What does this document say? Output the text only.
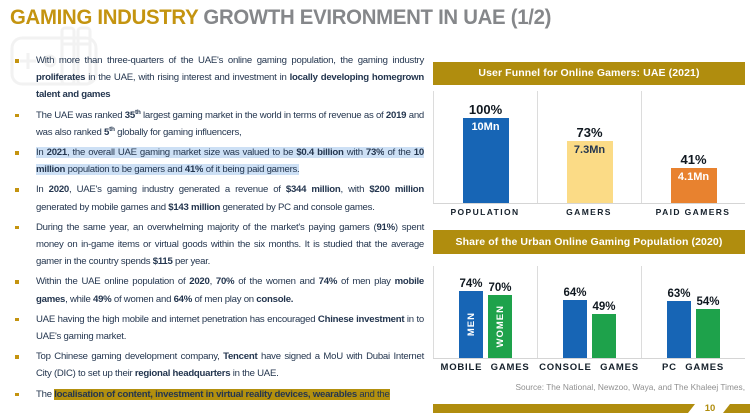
GAMING INDUSTRY GROWTH EVIRONMENT IN UAE (1/2)
With more than three-quarters of the UAE's online gaming population, the gaming industry proliferates in the UAE, with rising interest and investment in locally developing homegrown talent and games
The UAE was ranked 35th largest gaming market in the world in terms of revenue as of 2019 and was also ranked 5th globally for gaming influencers,
In 2021, the overall UAE gaming market size was valued to be $0.4 billion with 73% of the 10 million population to be gamers and 41% of it being paid gamers.
In 2020, UAE's gaming industry generated a revenue of $344 million, with $200 million generated by mobile games and $143 million generated by PC and console games.
During the same year, an overwhelming majority of the market's paying gamers (91%) spent money on in-game items or virtual goods within the six months. It is studied that the average gamer in the country spends $115 per year.
Within the UAE online population of 2020, 70% of the women and 74% of men play mobile games, while 49% of women and 64% of men play on console.
UAE having the high mobile and internet penetration has encouraged Chinese investment in to UAE's gaming market.
Top Chinese gaming development company, Tencent have signed a MoU with Dubai Internet City (DIC) to set up their regional headquarters in the UAE.
The localisation of content, investment in virtual reality devices, wearables and the
User Funnel for Online Gamers: UAE (2021)
100%
10Mn	73%
7.3Mn
41%
4.1Mn
POPULATION	GAMERS	PAID GAMERS
Share of the Urban Online Gaming Population (2020)
74%
MEN
70%
WOMEN
64%
49%
63%
54%
MOBILE GAMES	CONSOLE GAMES	PC GAMES
Source: The National, Newzoo, Waya, and The Khaleej Times,
10
